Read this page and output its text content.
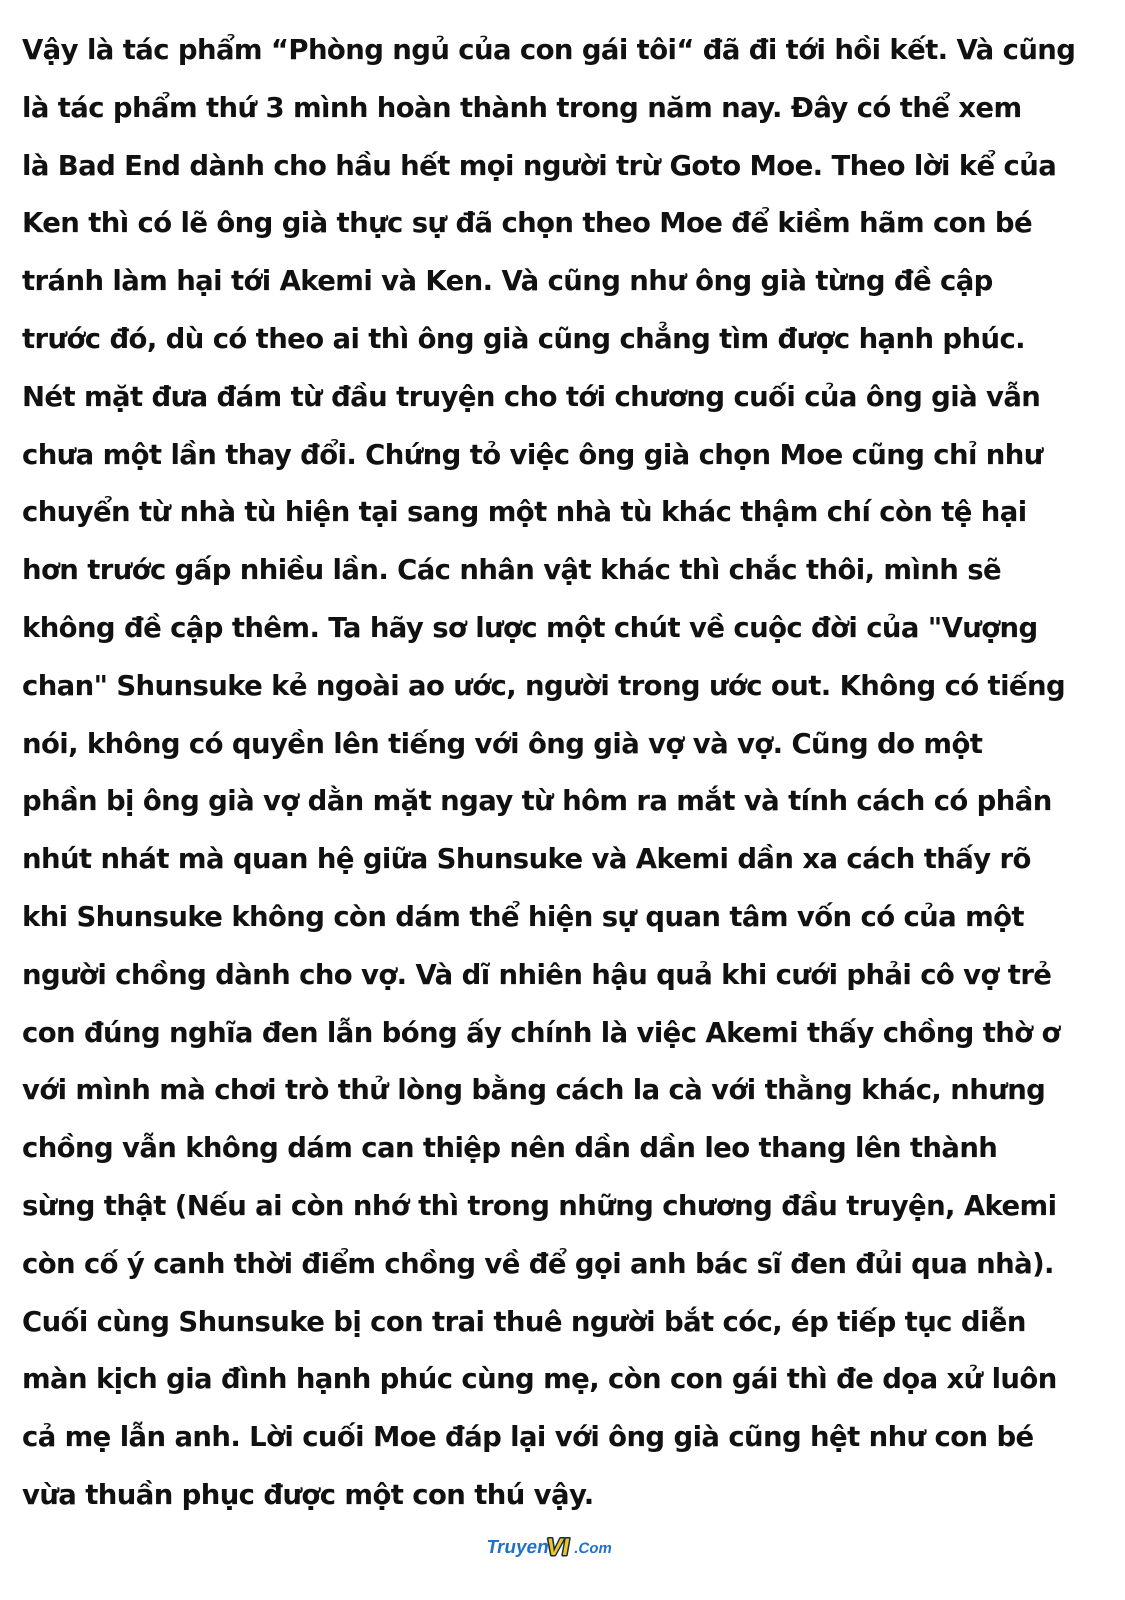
Vậy là tác phẩm “Phòng ngủ của con gái tôi“ đã đi tới hồi kết. Và cũng
là tác phẩm thứ 3 mình hoàn thành trong năm nay. Đây có thể xem
là Bad End dành cho hầu hết mọi người trừ Goto Moe. Theo lời kể của
Ken thì có lẽ ông già thực sự đã chọn theo Moe để kiềm hãm con bé
tránh làm hại tới Akemi và Ken. Và cũng như ông già từng đề cập
trước đó, dù có theo ai thì ông già cũng chẳng tìm được hạnh phúc.
Nét mặt đưa đám từ đầu truyện cho tới chương cuối của ông già vẫn
chưa một lần thay đổi. Chứng tỏ việc ông già chọn Moe cũng chỉ như
chuyển từ nhà tù hiện tại sang một nhà tù khác thậm chí còn tệ hại
hơn trước gấp nhiều lần. Các nhân vật khác thì chắc thôi, mình sẽ
không đề cập thêm. Ta hãy sơ lược một chút về cuộc đời của "Vượng
chan" Shunsuke kẻ ngoài ao ước, người trong ước out. Không có tiếng
nói, không có quyền lên tiếng với ông già vợ và vợ. Cũng do một
phần bị ông già vợ dằn mặt ngay từ hôm ra mắt và tính cách có phần
nhút nhát mà quan hệ giữa Shunsuke và Akemi dần xa cách thấy rõ
khi Shunsuke không còn dám thể hiện sự quan tâm vốn có của một
người chồng dành cho vợ. Và dĩ nhiên hậu quả khi cưới phải cô vợ trẻ
con đúng nghĩa đen lẫn bóng ấy chính là việc Akemi thấy chồng thờ ơ
với mình mà chơi trò thử lòng bằng cách la cà với thằng khác, nhưng
chồng vẫn không dám can thiệp nên dần dần leo thang lên thành
sừng thật (Nếu ai còn nhớ thì trong những chương đầu truyện, Akemi
còn cố ý canh thời điểm chồng về để gọi anh bác sĩ đen đủi qua nhà).
Cuối cùng Shunsuke bị con trai thuê người bắt cóc, ép tiếp tục diễn
màn kịch gia đình hạnh phúc cùng mẹ, còn con gái thì đe dọa xử luôn
cả mẹ lẫn anh. Lời cuối Moe đáp lại với ông già cũng hệt như con bé
vừa thuần phục được một con thú vậy.
Truyen
VI .Com
